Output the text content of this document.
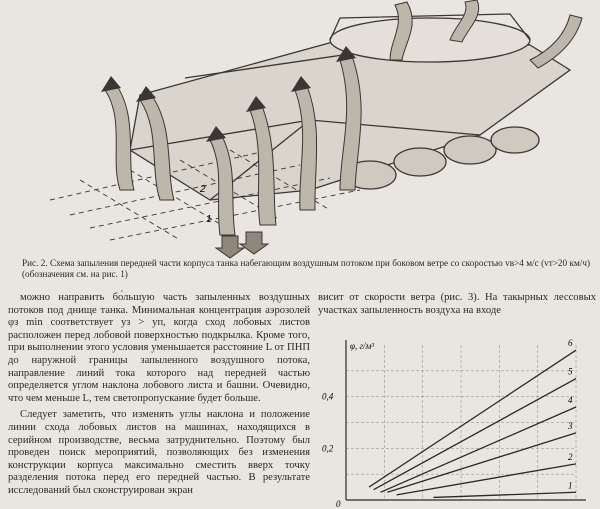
1
2
Рис. 2. Схема запыления передней части корпуса танка набегающим воздушным потоком при боковом ветре со скоростью vв>4 м/с (vт>20 км/ч) (обозначения см. на рис. 1)

можно направить бо́льшую часть запыленных воздушных потоков под днище танка. Минимальная концентрация аэрозолей φз min соответствует yз > yп, когда сход лобовых листов расположен перед лобовой поверхностью подкрылка. Кроме того, при выполнении этого условия уменьшается расстояние L от ПНП до наружной границы запыленного воздушного потока, направление линий тока которого над передней частью определяется углом наклона лобового листа и башни. Очевидно, что чем меньше L, тем светопропускание будет больше.

Следует заметить, что изменять углы наклона и положение линии схода лобовых листов на машинах, находящихся в серийном производстве, весьма затруднительно. Поэтому был проведен поиск мероприятий, позволяющих без изменения конструкции корпуса максимально сместить вверх точку разделения потока перед его передней частью. В результате исследований был сконструирован экран

висит от скорости ветра (рис. 3). На такырных лессовых участках запыленность воздуха на входе
φ, г/м³
0,2
0,4
0
1
2
3
4
5
6
